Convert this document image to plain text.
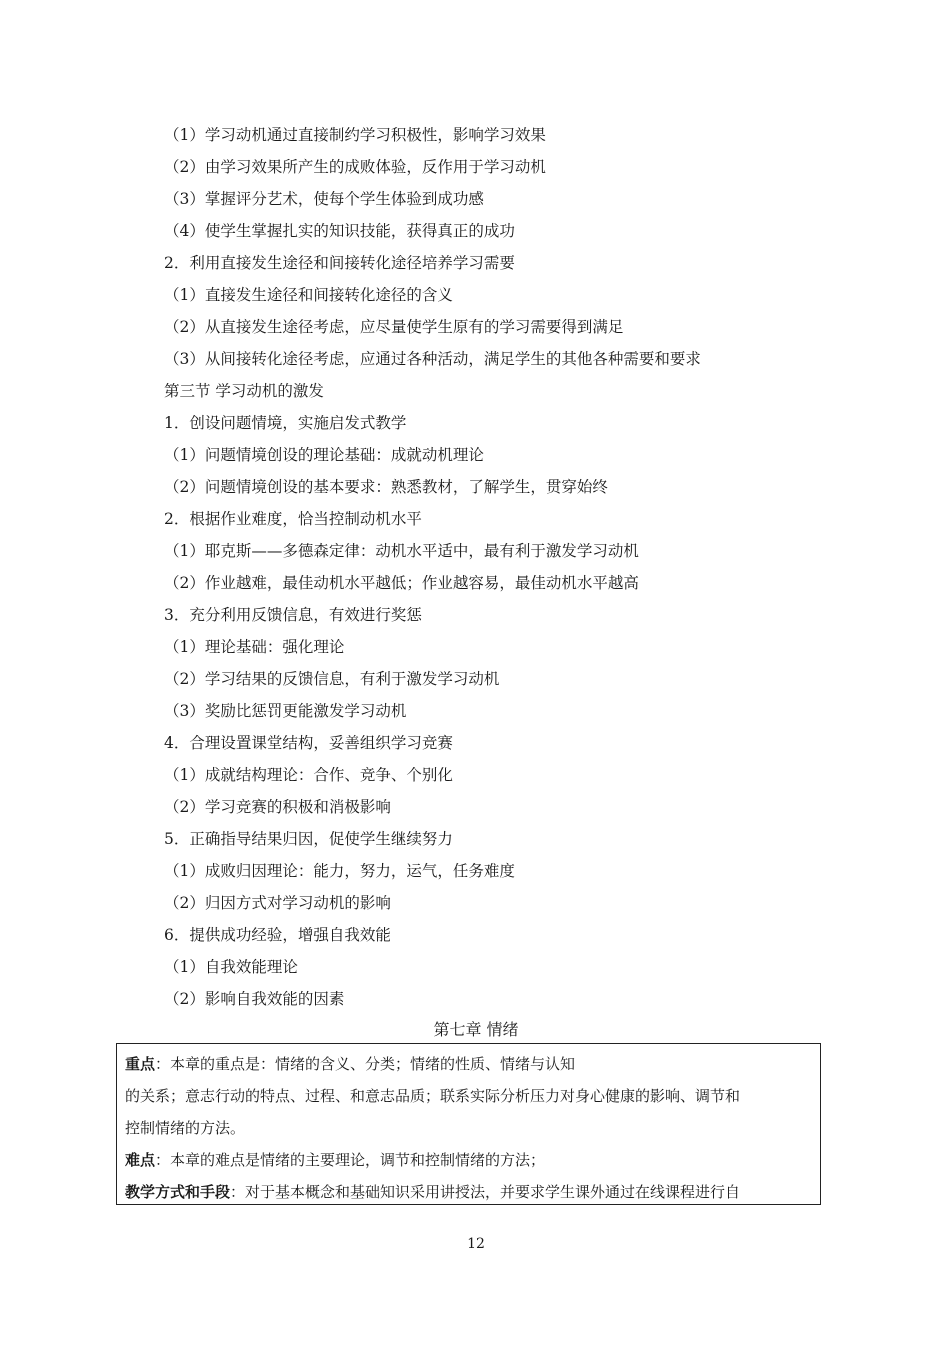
（1）学习动机通过直接制约学习积极性，影响学习效果
（2）由学习效果所产生的成败体验，反作用于学习动机
（3）掌握评分艺术，使每个学生体验到成功感
（4）使学生掌握扎实的知识技能，获得真正的成功
2．利用直接发生途径和间接转化途径培养学习需要
（1）直接发生途径和间接转化途径的含义
（2）从直接发生途径考虑，应尽量使学生原有的学习需要得到满足
（3）从间接转化途径考虑，应通过各种活动，满足学生的其他各种需要和要求
第三节 学习动机的激发
1．创设问题情境，实施启发式教学
（1）问题情境创设的理论基础：成就动机理论
（2）问题情境创设的基本要求：熟悉教材，了解学生，贯穿始终
2．根据作业难度，恰当控制动机水平
（1）耶克斯——多德森定律：动机水平适中，最有利于激发学习动机
（2）作业越难，最佳动机水平越低；作业越容易，最佳动机水平越高
3．充分利用反馈信息，有效进行奖惩
（1）理论基础：强化理论
（2）学习结果的反馈信息，有利于激发学习动机
（3）奖励比惩罚更能激发学习动机
4．合理设置课堂结构，妥善组织学习竞赛
（1）成就结构理论：合作、竞争、个别化
（2）学习竞赛的积极和消极影响
5．正确指导结果归因，促使学生继续努力
（1）成败归因理论：能力，努力，运气，任务难度
（2）归因方式对学习动机的影响
6．提供成功经验，增强自我效能
（1）自我效能理论
（2）影响自我效能的因素
第七章 情绪
重点：本章的重点是：情绪的含义、分类；情绪的性质、情绪与认知
的关系；意志行动的特点、过程、和意志品质；联系实际分析压力对身心健康的影响、调节和
控制情绪的方法。
难点：本章的难点是情绪的主要理论，调节和控制情绪的方法；
教学方式和手段：对于基本概念和基础知识采用讲授法，并要求学生课外通过在线课程进行自
12
